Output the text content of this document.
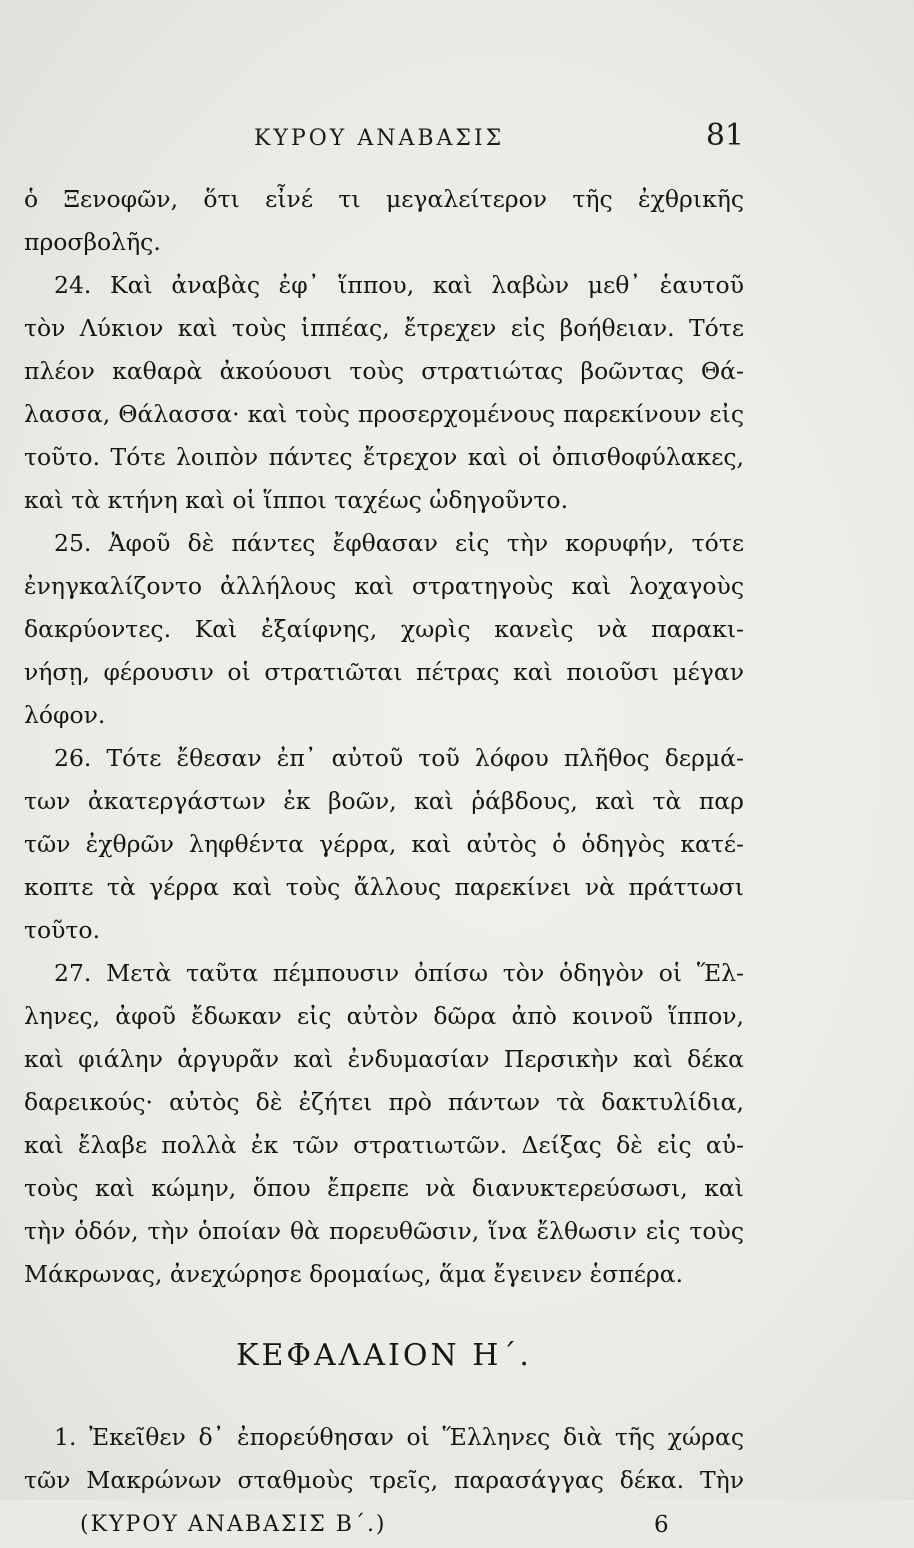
ΚΥΡΟΥ ΑΝΑΒΑΣΙΣ	81
ὁ Ξενοφῶν, ὅτι εἶνέ τι μεγαλείτερον τῆς ἐχθρικῆς
προσβολῆς.
24. Καὶ ἀναβὰς ἐφ᾽ ἵππου, καὶ λαβὼν μεθ᾽ ἑαυτοῦ
τὸν Λύκιον καὶ τοὺς ἱππέας, ἔτρεχεν εἰς βοήθειαν. Τότε
πλέον καθαρὰ ἀκούουσι τοὺς στρατιώτας βοῶντας Θά-
λασσα, Θάλασσα· καὶ τοὺς προσερχομένους παρεκίνουν εἰς
τοῦτο. Τότε λοιπὸν πάντες ἔτρεχον καὶ οἱ ὀπισθοφύλακες,
καὶ τὰ κτήνη καὶ οἱ ἵπποι ταχέως ὡδηγοῦντο.
25. Ἀφοῦ δὲ πάντες ἔφθασαν εἰς τὴν κορυφήν, τότε
ἐνηγκαλίζοντο ἀλλήλους καὶ στρατηγοὺς καὶ λοχαγοὺς
δακρύοντες. Καὶ ἐξαίφνης, χωρὶς κανεὶς νὰ παρακι-
νήσῃ, φέρουσιν οἱ στρατιῶται πέτρας καὶ ποιοῦσι μέγαν
λόφον.
26. Τότε ἔθεσαν ἐπ᾽ αὐτοῦ τοῦ λόφου πλῆθος δερμά-
των ἀκατεργάστων ἐκ βοῶν, καὶ ῥάβδους, καὶ τὰ παρ
τῶν ἐχθρῶν ληφθέντα γέρρα, καὶ αὐτὸς ὁ ὁδηγὸς κατέ-
κοπτε τὰ γέρρα καὶ τοὺς ἄλλους παρεκίνει νὰ πράττωσι
τοῦτο.
27. Μετὰ ταῦτα πέμπουσιν ὀπίσω τὸν ὁδηγὸν οἱ Ἕλ-
ληνες, ἀφοῦ ἔδωκαν εἰς αὐτὸν δῶρα ἀπὸ κοινοῦ ἵππον,
καὶ φιάλην ἀργυρᾶν καὶ ἐνδυμασίαν Περσικὴν καὶ δέκα
δαρεικούς· αὐτὸς δὲ ἐζήτει πρὸ πάντων τὰ δακτυλίδια,
καὶ ἔλαβε πολλὰ ἐκ τῶν στρατιωτῶν. Δείξας δὲ εἰς αὐ-
τοὺς καὶ κώμην, ὅπου ἔπρεπε νὰ διανυκτερεύσωσι, καὶ
τὴν ὁδόν, τὴν ὁποίαν θὰ πορευθῶσιν, ἵνα ἔλθωσιν εἰς τοὺς
Μάκρωνας, ἀνεχώρησε δρομαίως, ἅμα ἔγεινεν ἑσπέρα.
ΚΕΦΑΛΑΙΟΝ Η΄.
1. Ἐκεῖθεν δ᾽ ἐπορεύθησαν οἱ Ἕλληνες διὰ τῆς χώρας
τῶν Μακρώνων σταθμοὺς τρεῖς, παρασάγγας δέκα. Τὴν
(ΚΥΡΟΥ ΑΝΑΒΑΣΙΣ Β΄.)	6
